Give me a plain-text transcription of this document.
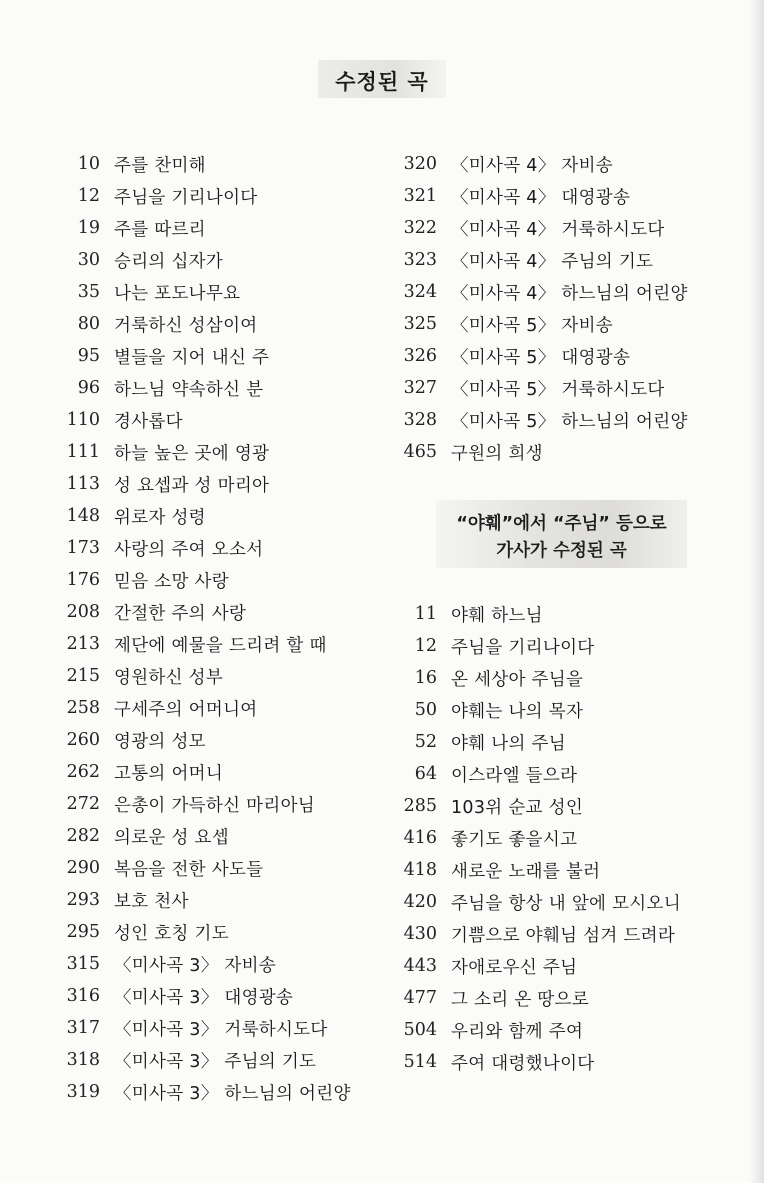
수정된 곡
10 주를 찬미해
12 주님을 기리나이다
19 주를 따르리
30 승리의 십자가
35 나는 포도나무요
80 거룩하신 성삼이여
95 별들을 지어 내신 주
96 하느님 약속하신 분
110 경사롭다
111 하늘 높은 곳에 영광
113 성 요셉과 성 마리아
148 위로자 성령
173 사랑의 주여 오소서
176 믿음 소망 사랑
208 간절한 주의 사랑
213 제단에 예물을 드리려 할 때
215 영원하신 성부
258 구세주의 어머니여
260 영광의 성모
262 고통의 어머니
272 은총이 가득하신 마리아님
282 의로운 성 요셉
290 복음을 전한 사도들
293 보호 천사
295 성인 호칭 기도
315 〈미사곡 3〉 자비송
316 〈미사곡 3〉 대영광송
317 〈미사곡 3〉 거룩하시도다
318 〈미사곡 3〉 주님의 기도
319 〈미사곡 3〉 하느님의 어린양
320 〈미사곡 4〉 자비송
321 〈미사곡 4〉 대영광송
322 〈미사곡 4〉 거룩하시도다
323 〈미사곡 4〉 주님의 기도
324 〈미사곡 4〉 하느님의 어린양
325 〈미사곡 5〉 자비송
326 〈미사곡 5〉 대영광송
327 〈미사곡 5〉 거룩하시도다
328 〈미사곡 5〉 하느님의 어린양
465 구원의 희생
“야훼”에서 “주님” 등으로
가사가 수정된 곡
11 야훼 하느님
12 주님을 기리나이다
16 온 세상아 주님을
50 야훼는 나의 목자
52 야훼 나의 주님
64 이스라엘 들으라
285 103위 순교 성인
416 좋기도 좋을시고
418 새로운 노래를 불러
420 주님을 항상 내 앞에 모시오니
430 기쁨으로 야훼님 섬겨 드려라
443 자애로우신 주님
477 그 소리 온 땅으로
504 우리와 함께 주여
514 주여 대령했나이다
